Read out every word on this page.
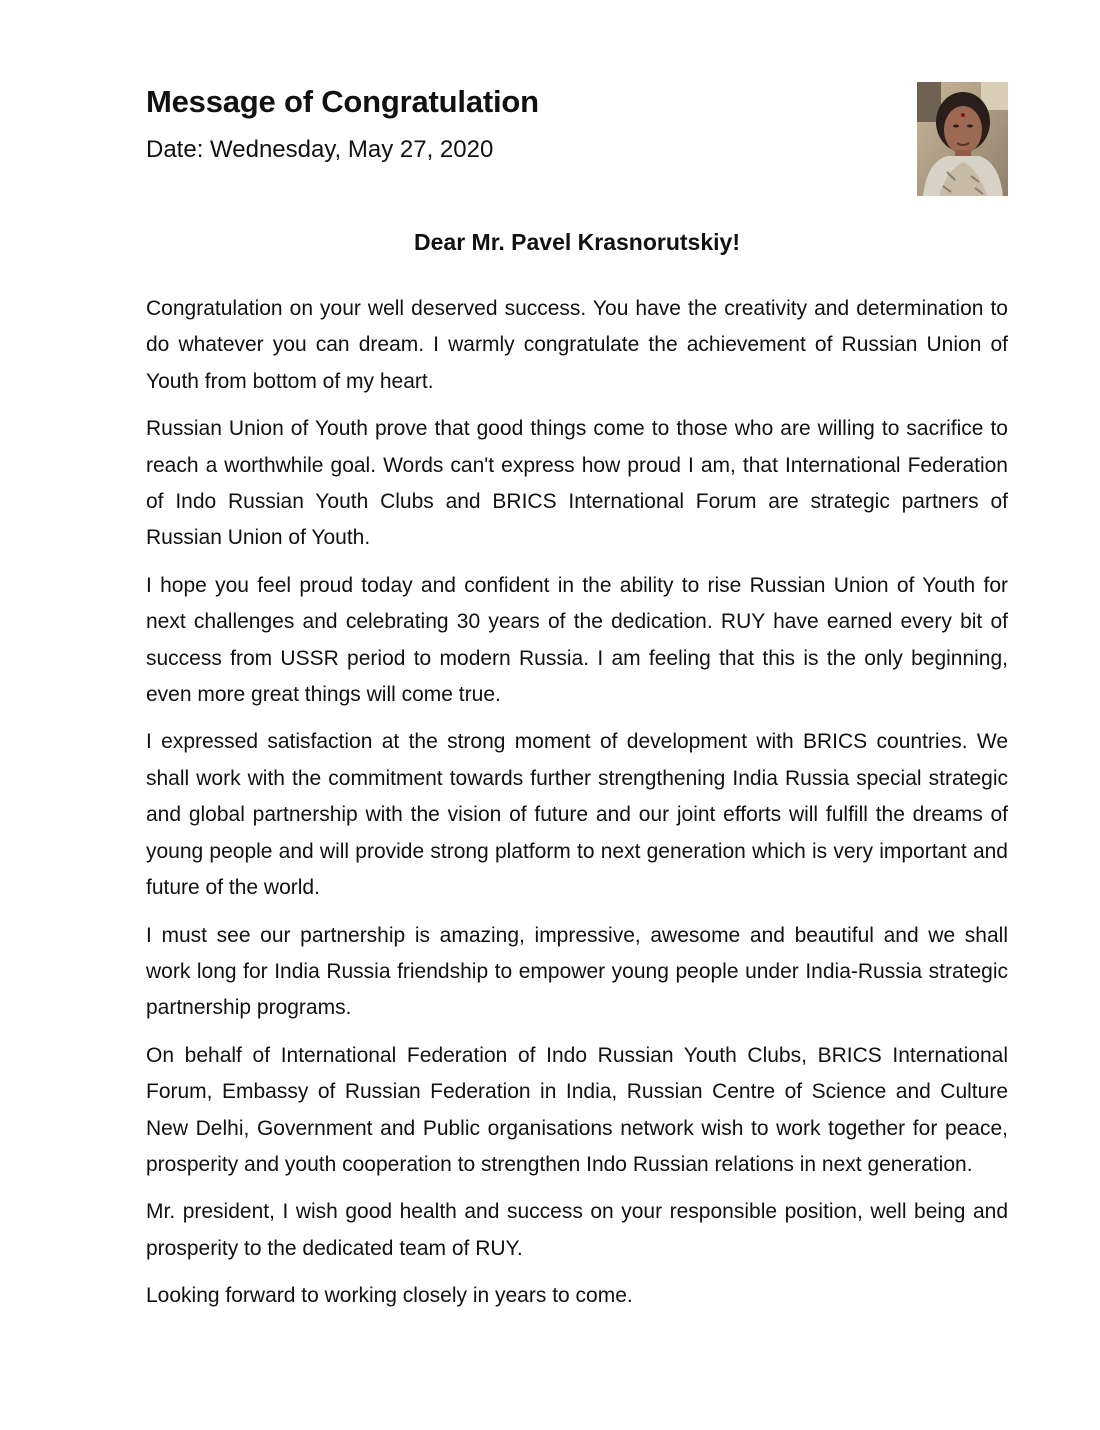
Message of Congratulation

Date: Wednesday, May 27, 2020

Dear Mr. Pavel Krasnorutskiy!

Congratulation on your well deserved success. You have the creativity and determination to do whatever you can dream. I warmly congratulate the achievement of Russian Union of Youth from bottom of my heart.

Russian Union of Youth prove that good things come to those who are willing to sacrifice to reach a worthwhile goal. Words can't express how proud I am, that International Federation of Indo Russian Youth Clubs and BRICS International Forum are strategic partners of Russian Union of Youth.

I hope you feel proud today and confident in the ability to rise Russian Union of Youth for next challenges and celebrating 30 years of the dedication. RUY have earned every bit of success from USSR period to modern Russia. I am feeling that this is the only beginning, even more great things will come true.

I expressed satisfaction at the strong moment of development with BRICS countries. We shall work with the commitment towards further strengthening India Russia special strategic and global partnership with the vision of future and our joint efforts will fulfill the dreams of young people and will provide strong platform to next generation which is very important and future of the world.

I must see our partnership is amazing, impressive, awesome and beautiful and we shall work long for India Russia friendship to empower young people under India-Russia strategic partnership programs.

On behalf of International Federation of Indo Russian Youth Clubs, BRICS International Forum, Embassy of Russian Federation in India, Russian Centre of Science and Culture New Delhi, Government and Public organisations network wish to work together for peace, prosperity and youth cooperation to strengthen Indo Russian relations in next generation.

Mr. president, I wish good health and success on your responsible position, well being and prosperity to the dedicated team of RUY.

Looking forward to working closely in years to come.
